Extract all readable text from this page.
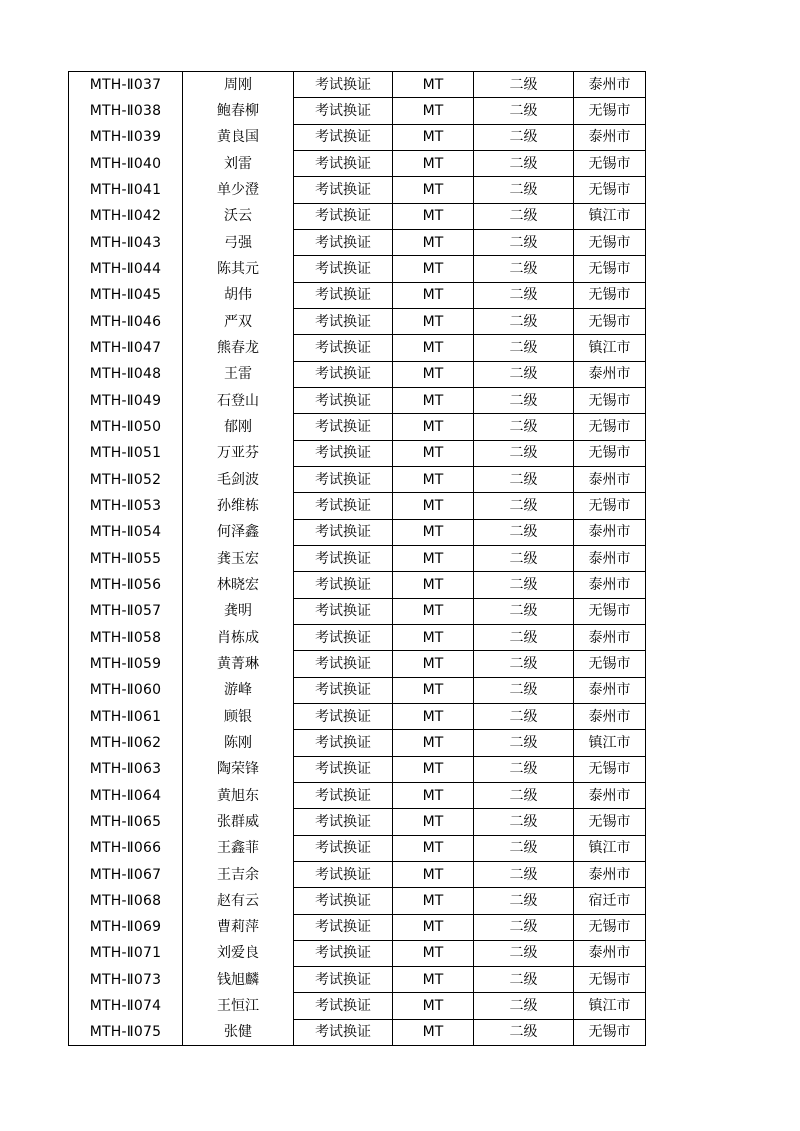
MTH-Ⅱ037	周刚	考试换证	MT	二级	泰州市
MTH-Ⅱ038	鲍春柳	考试换证	MT	二级	无锡市
MTH-Ⅱ039	黄良国	考试换证	MT	二级	泰州市
MTH-Ⅱ040	刘雷	考试换证	MT	二级	无锡市
MTH-Ⅱ041	单少澄	考试换证	MT	二级	无锡市
MTH-Ⅱ042	沃云	考试换证	MT	二级	镇江市
MTH-Ⅱ043	弓强	考试换证	MT	二级	无锡市
MTH-Ⅱ044	陈其元	考试换证	MT	二级	无锡市
MTH-Ⅱ045	胡伟	考试换证	MT	二级	无锡市
MTH-Ⅱ046	严双	考试换证	MT	二级	无锡市
MTH-Ⅱ047	熊春龙	考试换证	MT	二级	镇江市
MTH-Ⅱ048	王雷	考试换证	MT	二级	泰州市
MTH-Ⅱ049	石登山	考试换证	MT	二级	无锡市
MTH-Ⅱ050	郁刚	考试换证	MT	二级	无锡市
MTH-Ⅱ051	万亚芬	考试换证	MT	二级	无锡市
MTH-Ⅱ052	毛剑波	考试换证	MT	二级	泰州市
MTH-Ⅱ053	孙维栋	考试换证	MT	二级	无锡市
MTH-Ⅱ054	何泽鑫	考试换证	MT	二级	泰州市
MTH-Ⅱ055	龚玉宏	考试换证	MT	二级	泰州市
MTH-Ⅱ056	林晓宏	考试换证	MT	二级	泰州市
MTH-Ⅱ057	龚明	考试换证	MT	二级	无锡市
MTH-Ⅱ058	肖栋成	考试换证	MT	二级	泰州市
MTH-Ⅱ059	黄菁琳	考试换证	MT	二级	无锡市
MTH-Ⅱ060	游峰	考试换证	MT	二级	泰州市
MTH-Ⅱ061	顾银	考试换证	MT	二级	泰州市
MTH-Ⅱ062	陈刚	考试换证	MT	二级	镇江市
MTH-Ⅱ063	陶荣锋	考试换证	MT	二级	无锡市
MTH-Ⅱ064	黄旭东	考试换证	MT	二级	泰州市
MTH-Ⅱ065	张群威	考试换证	MT	二级	无锡市
MTH-Ⅱ066	王鑫菲	考试换证	MT	二级	镇江市
MTH-Ⅱ067	王吉余	考试换证	MT	二级	泰州市
MTH-Ⅱ068	赵有云	考试换证	MT	二级	宿迁市
MTH-Ⅱ069	曹莉萍	考试换证	MT	二级	无锡市
MTH-Ⅱ071	刘爱良	考试换证	MT	二级	泰州市
MTH-Ⅱ073	钱旭麟	考试换证	MT	二级	无锡市
MTH-Ⅱ074	王恒江	考试换证	MT	二级	镇江市
MTH-Ⅱ075	张健	考试换证	MT	二级	无锡市
